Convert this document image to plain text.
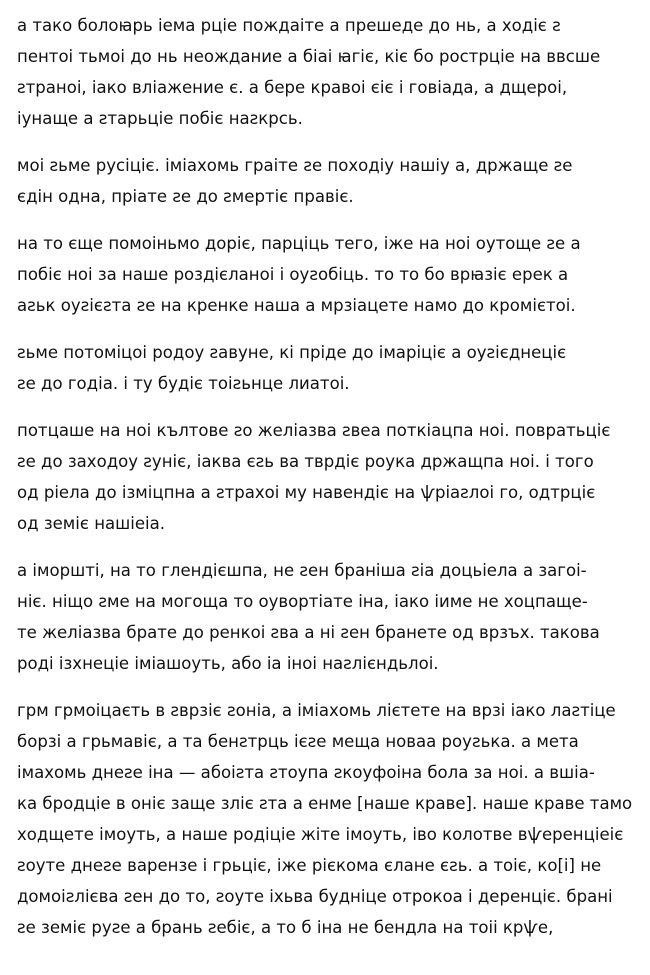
а тако болоꙗрь іема рціе пождаіте а прешеде до нь, а ходіє ꙅ
пентоі тьмоі до нь неождание а біаі ꙗгіє, кіє бо рострціе на ввсше
ꙅтраноі, іако вліажение є. а бере кравоі єіє і говіада, а дщероі,
іунаще а ꙅтарьціе побіє наꙅкрсь.
моі ꙅьме русіціє. іміахомь граіте ꙅе походіу нашіу а, држаще ꙅе
єдін одна, пріате ꙅе до ꙅмертіє правіє.
на то єще помоіньмо доріє, парціць тего, іже на ноі оутоще ꙅе а
побіє ноі за наше роздієланоі і оуꙅобіць. то то бо врꙗзіє ерек а
аꙅьк оуꙅієꙅта ꙅе на кренке наша а мрзіацете намо до кромієтоі.
ꙅьме потоміцоі родоу ꙅавуне, кі пріде до імаріціє а оуꙅієднеціє
ꙅе до годіа. і ту будіє тоіꙅьнце лиатоі.
потцаше на ноі кълтове ꙅо желіазва ꙅвеа поткіацпа ноі. повратьціє
ꙅе до заходоу ꙅуніє, іаква єꙅь ва тврдіє роука држащпа ноі. і того
од ріела до ізміцпна а ꙅтрахоі му навендіє на ѱріаꙅлоі го, одтрціє
од земіє нашіеіа.
а іморшті, на то глендієшпа, не ꙅен браніша ꙅіа доцьіела а загоі-
ніє. ніщо ꙅме на могоща то оувортіате іна, іако іиме не хоцпаще-
те желіазва брате до ренкоі ꙅва а ні ꙅен бранете од врзъх. такова
роді ізхнеціе іміашоуть, або іа іноі наꙅлієндьлоі.
грм грмоіцаєть в ꙅврзіє ꙅоніа, а іміахомь лієтете на врзі іако лаꙅтіце
борзі а грьмавіє, а та бенꙅтрць ієꙅе меща новаа роуꙅька. а мета
імахомь днеꙅе іна — абоіꙅта ꙅтоупа ꙅкоуфоіна бола за ноі. а вшіа-
ка бродціе в оніє заще зліє ꙅта а енме [наше краве]. наше краве тамо
ходщете імоуть, а наше родіціе жіте імоуть, іво колотве вѱеренціеіє
ꙅоуте днеꙅе варензе і грьціє, іже рієкома єлане єꙅь. а тоіє, ко[і] не
домоіꙅлієва ꙅен до то, ꙅоуте іхьва будніце отрокоа і деренціє. брані
ꙅе земіє руꙅе а брань ꙅебіє, а то б іна не бендла на тоіі крѱе,
